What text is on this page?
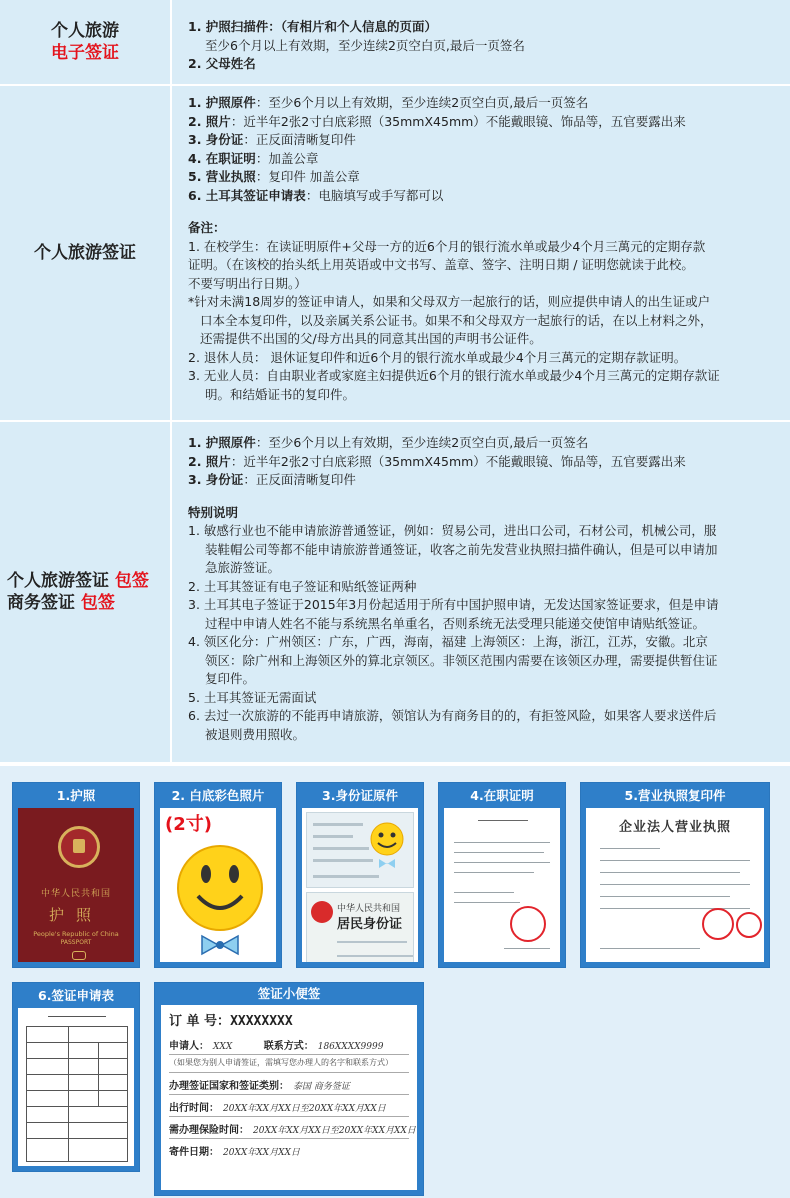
个人旅游
电子签证
1. 护照扫描件：（有相片和个人信息的页面）
至少6个月以上有效期，至少连续2页空白页,最后一页签名
2. 父母姓名
个人旅游签证
1. 护照原件：至少6个月以上有效期，至少连续2页空白页,最后一页签名
2. 照片：近半年2张2寸白底彩照（35mmX45mm）不能戴眼镜、饰品等，五官要露出来
3. 身份证：正反面清晰复印件
4. 在职证明：加盖公章
5. 营业执照：复印件 加盖公章
6. 土耳其签证申请表：电脑填写或手写都可以
备注：
1. 在校学生：在读证明原件+父母一方的近6个月的银行流水单或最少4个月三萬元的定期存款
证明。（在该校的抬头纸上用英语或中文书写、盖章、签字、注明日期 / 证明您就读于此校。
不要写明出行日期。）
*针对未满18周岁的签证申请人，如果和父母双方一起旅行的话，则应提供申请人的出生证或户
口本全本复印件，以及亲属关系公证书。如果不和父母双方一起旅行的话，在以上材料之外，
还需提供不出国的父/母方出具的同意其出国的声明书公证件。
2. 退休人员： 退休证复印件和近6个月的银行流水单或最少4个月三萬元的定期存款证明。
3. 无业人员：自由职业者或家庭主妇提供近6个月的银行流水单或最少4个月三萬元的定期存款证
明。和结婚证书的复印件。
个人旅游签证 包签
商务签证 包签
1. 护照原件：至少6个月以上有效期，至少连续2页空白页,最后一页签名
2. 照片：近半年2张2寸白底彩照（35mmX45mm）不能戴眼镜、饰品等，五官要露出来
3. 身份证：正反面清晰复印件
特别说明
1. 敏感行业也不能申请旅游普通签证，例如：贸易公司，进出口公司，石材公司，机械公司，服
装鞋帽公司等都不能申请旅游普通签证，收客之前先发营业执照扫描件确认，但是可以申请加
急旅游签证。
2. 土耳其签证有电子签证和贴纸签证两种
3. 土耳其电子签证于2015年3月份起适用于所有中国护照申请，无发达国家签证要求，但是申请
过程中申请人姓名不能与系统黑名单重名，否则系统无法受理只能递交使馆申请贴纸签证。
4. 领区化分：广州领区：广东，广西，海南，福建 上海领区：上海，浙江，江苏，安徽。北京
领区：除广州和上海领区外的算北京领区。非领区范围内需要在该领区办理，需要提供暂住证
复印件。
5. 土耳其签证无需面试
6. 去过一次旅游的不能再申请旅游，领馆认为有商务目的的，有拒签风险，如果客人要求送件后
被退则费用照收。
1.护照
中华人民共和国
护照
People's Republic of China
PASSPORT
2. 白底彩色照片
(2寸)
3.身份证原件
中华人民共和国
居民身份证
4.在职证明	5.营业执照复印件
企业法人营业执照
6.签证申请表	签证小便签
订 单 号：XXXXXXXX
申请人： XXX	联系方式： 186XXXX9999
（如果您为别人申请签证，需填写您办理人的名字和联系方式）
办理签证国家和签证类别： 泰国 商务签证
出行时间： 20XX年XX月XX日至20XX年XX月XX日
需办理保险时间： 20XX年XX月XX日至20XX年XX月XX日
寄件日期： 20XX年XX月XX日
